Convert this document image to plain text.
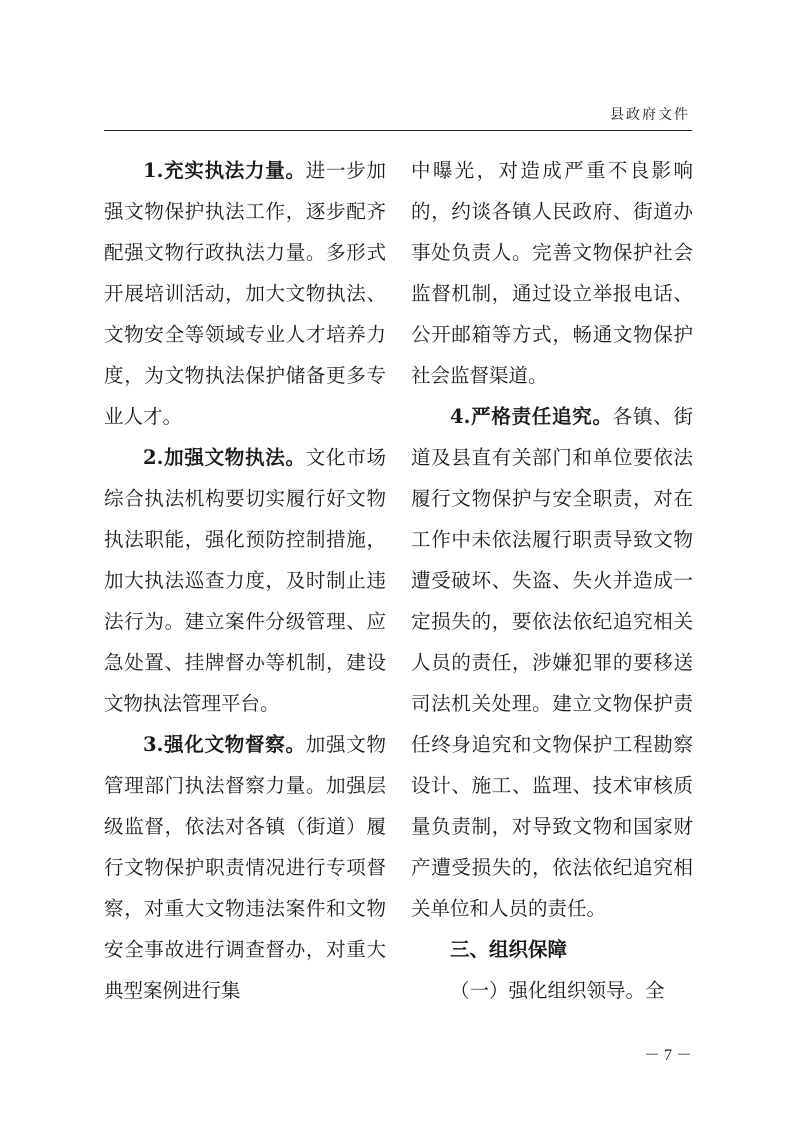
县政府文件

1.充实执法力量。进一步加强文物保护执法工作，逐步配齐配强文物行政执法力量。多形式开展培训活动，加大文物执法、文物安全等领域专业人才培养力度，为文物执法保护储备更多专业人才。

2.加强文物执法。文化市场综合执法机构要切实履行好文物执法职能，强化预防控制措施，加大执法巡查力度，及时制止违法行为。建立案件分级管理、应急处置、挂牌督办等机制，建设文物执法管理平台。

3.强化文物督察。加强文物管理部门执法督察力量。加强层级监督，依法对各镇（街道）履行文物保护职责情况进行专项督察，对重大文物违法案件和文物安全事故进行调查督办，对重大典型案例进行集

中曝光，对造成严重不良影响的，约谈各镇人民政府、街道办事处负责人。完善文物保护社会监督机制，通过设立举报电话、公开邮箱等方式，畅通文物保护社会监督渠道。

4.严格责任追究。各镇、街道及县直有关部门和单位要依法履行文物保护与安全职责，对在工作中未依法履行职责导致文物遭受破坏、失盗、失火并造成一定损失的，要依法依纪追究相关人员的责任，涉嫌犯罪的要移送司法机关处理。建立文物保护责任终身追究和文物保护工程勘察设计、施工、监理、技术审核质量负责制，对导致文物和国家财产遭受损失的，依法依纪追究相关单位和人员的责任。

三、组织保障

（一）强化组织领导。全

－ 7 －
